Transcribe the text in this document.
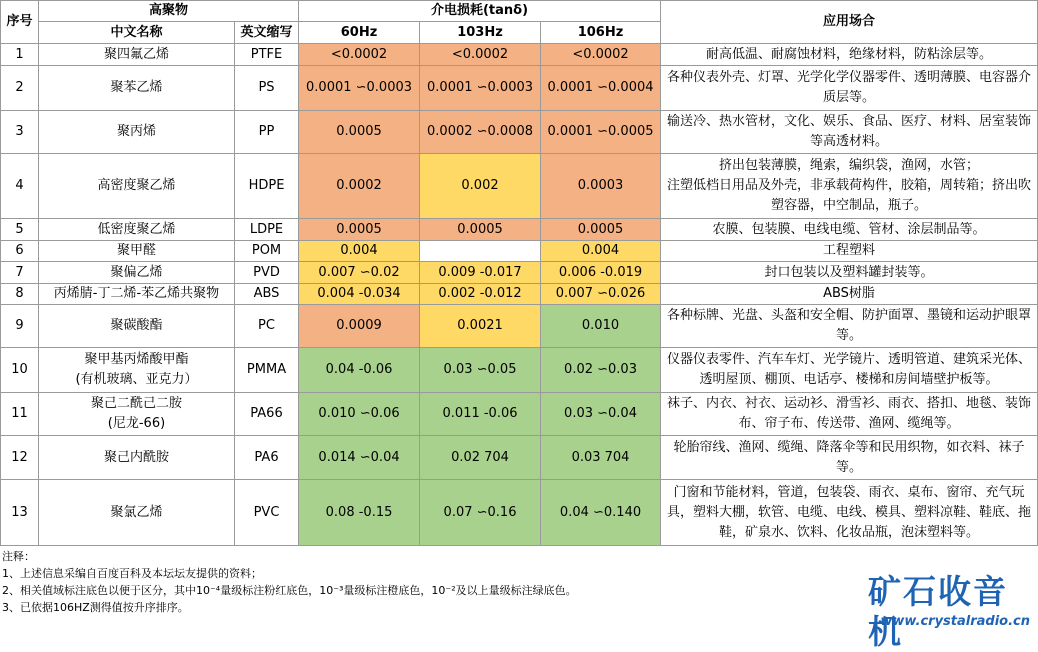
序号	高聚物		介电损耗(tanδ)			应用场合
	中文名称	英文缩写	60Hz	103Hz	106Hz	
1	聚四氟乙烯	PTFE	<0.0002	<0.0002	<0.0002	耐高低温、耐腐蚀材料，绝缘材料，防粘涂层等。

2	聚苯乙烯	PS	0.0001 ∽0.0003	0.0001 ∽0.0003	0.0001 ∽0.0004	各种仪表外壳、灯罩、光学化学仪器零件、透明薄膜、电容器介质层等。

3	聚丙烯	PP	0.0005	0.0002 ∽0.0008	0.0001 ∽0.0005	输送冷、热水管材，文化、娱乐、食品、医疗、材料、居室装饰等高透材料。

4	高密度聚乙烯	HDPE	0.0002	0.002	0.0003	挤出包装薄膜，绳索，编织袋，渔网，水管；
注塑低档日用品及外壳，非承载荷构件，胶箱，周转箱；挤出吹塑容器，中空制品，瓶子。

5	低密度聚乙烯	LDPE	0.0005	0.0005	0.0005	农膜、包装膜、电线电缆、管材、涂层制品等。

6	聚甲醛	POM	0.004		0.004	工程塑料

7	聚偏乙烯	PVD	0.007 ∽0.02	0.009 -0.017	0.006 -0.019	封口包装以及塑料罐封装等。

8	丙烯腈-丁二烯-苯乙烯共聚物	ABS	0.004 -0.034	0.002 -0.012	0.007 ∽0.026	ABS树脂

9	聚碳酸酯	PC	0.0009	0.0021	0.010	各种标牌、光盘、头盔和安全帽、防护面罩、墨镜和运动护眼罩等。

10	聚甲基丙烯酸甲酯
(有机玻璃、亚克力）	PMMA	0.04 -0.06	0.03 ∽0.05	0.02 ∽0.03	仪器仪表零件、汽车车灯、光学镜片、透明管道、建筑采光体、透明屋顶、棚顶、电话亭、楼梯和房间墙壁护板等。

11	聚己二酰己二胺
(尼龙-66)	PA66	0.010 ∽0.06	0.011 -0.06	0.03 ∽0.04	袜子、内衣、衬衣、运动衫、滑雪衫、雨衣、搭扣、地毯、装饰布、帘子布、传送带、渔网、缆绳等。

12	聚己内酰胺	PA6	0.014 ∽0.04	0.02 704	0.03 704	轮胎帘线、渔网、缆绳、降落伞等和民用织物，如衣料、袜子等。

13	聚氯乙烯	PVC	0.08 -0.15	0.07 ∽0.16	0.04 ∽0.140	门窗和节能材料，管道，包装袋、雨衣、桌布、窗帘、充气玩具，塑料大棚，软管、电缆、电线、模具、塑料凉鞋、鞋底、拖鞋，矿泉水、饮料、化妆品瓶，泡沫塑料等。
注释：
1、上述信息采编自百度百科及本坛坛友提供的资料；
2、相关值域标注底色以便于区分，其中10⁻⁴量级标注粉红底色，10⁻³量级标注橙底色，10⁻²及以上量级标注绿底色。
3、已依据106HZ测得值按升序排序。	矿石收音机
www.crystalradio.cn
